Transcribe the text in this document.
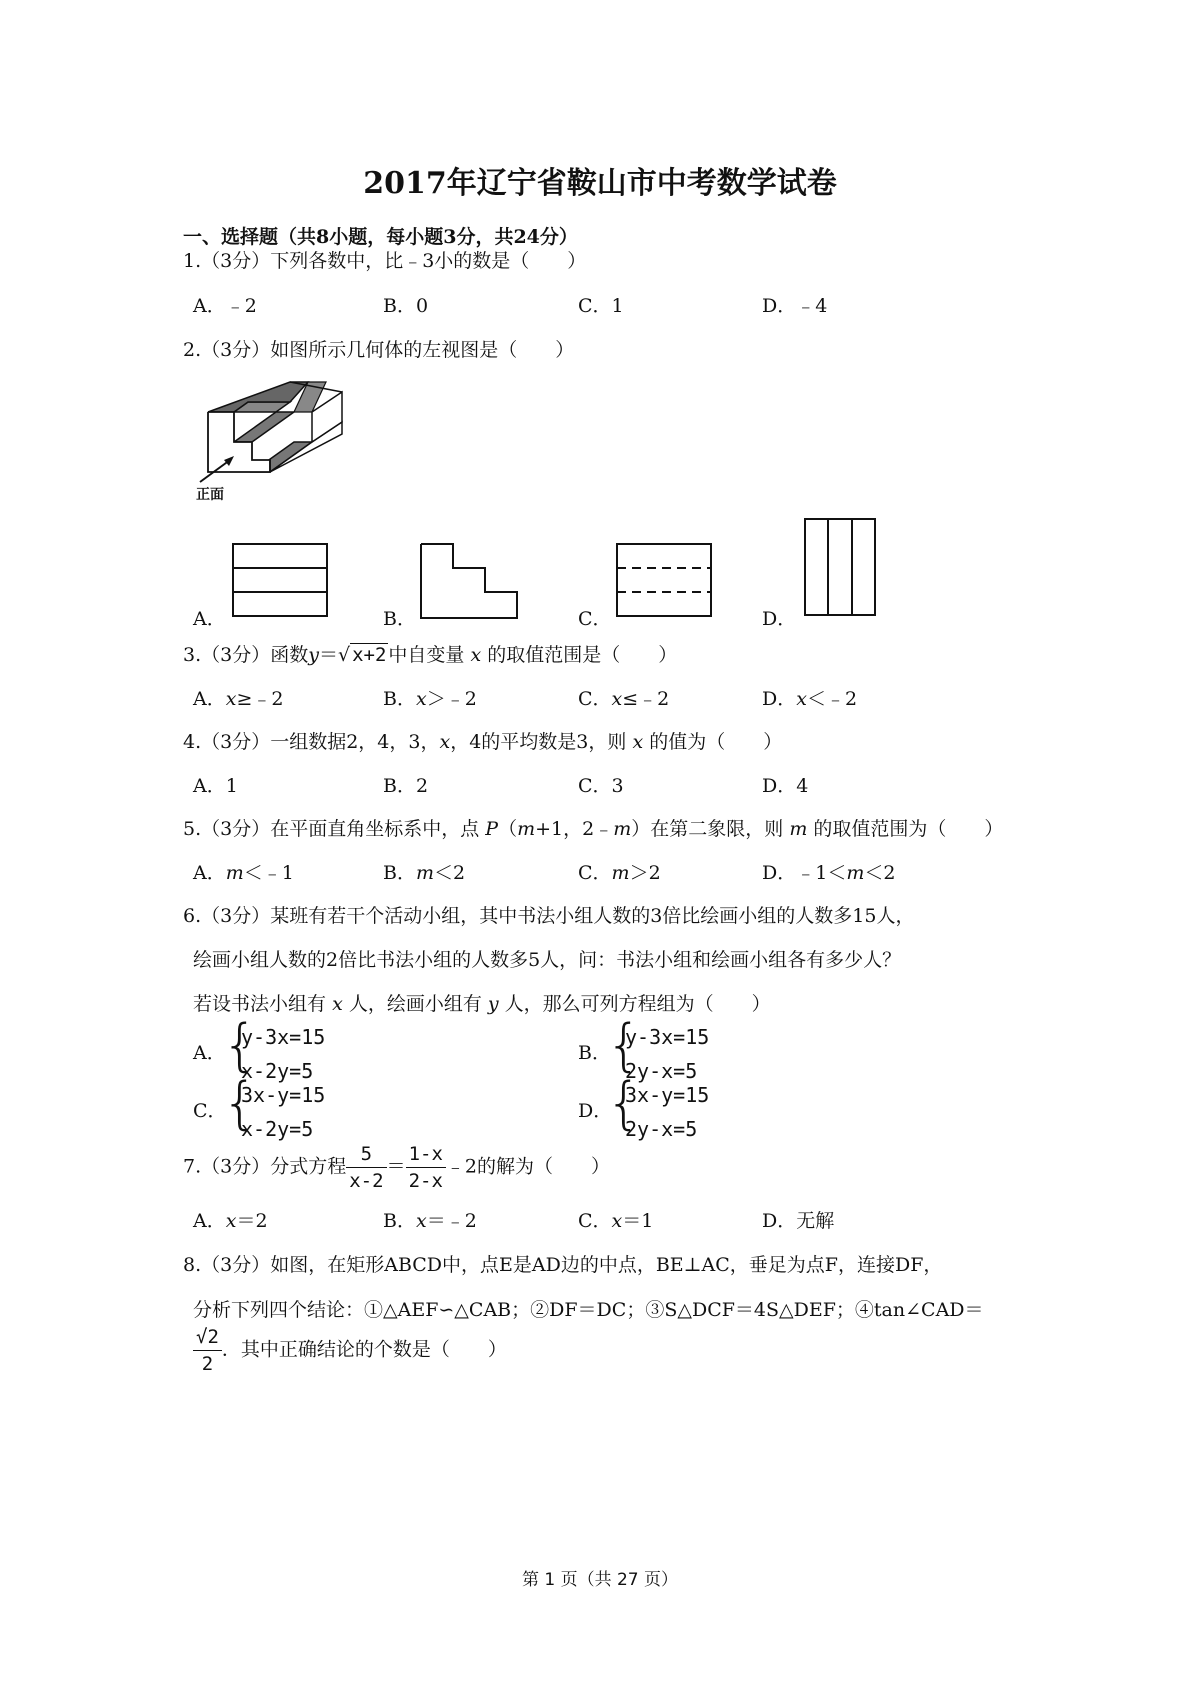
2017年辽宁省鞍山市中考数学试卷
一、选择题（共8小题，每小题3分，共24分）
1.（3分）下列各数中，比﹣3小的数是（　　）
A．﹣2	B．0	C．1	D．﹣4
2.（3分）如图所示几何体的左视图是（　　）
正面
A．	B．	C．	D．
3.（3分）函数y＝√ x+2 中自变量 x 的取值范围是（　　）
A．x≥﹣2	B．x＞﹣2	C．x≤﹣2	D．x＜﹣2
4.（3分）一组数据2，4，3，x，4的平均数是3，则 x 的值为（　　）
A．1	B．2	C．3	D．4
5.（3分）在平面直角坐标系中，点 P（m+1，2﹣m）在第二象限，则 m 的取值范围为（　　）
A．m＜﹣1	B．m＜2	C．m＞2	D．﹣1＜m＜2
6.（3分）某班有若干个活动小组，其中书法小组人数的3倍比绘画小组的人数多15人，
绘画小组人数的2倍比书法小组的人数多5人，问：书法小组和绘画小组各有多少人？
若设书法小组有 x 人，绘画小组有 y 人，那么可列方程组为（　　）
A．
{
y-3x=15
x-2y=5
B．
{
y-3x=15
2y-x=5
C．
{
3x-y=15
x-2y=5
D．
{
3x-y=15
2y-x=5
7.（3分）分式方程 $\frac{5}{x-2} = \frac{1-x}{2-x}$ ﹣2的解为（　　）
A．x＝2	B．x＝﹣2	C．x＝1	D．无解
8.（3分）如图，在矩形ABCD中，点E是AD边的中点，BE⊥AC，垂足为点F，连接DF，
分析下列四个结论：①△AEF∽△CAB；②DF＝DC；③S△DCF＝4S△DEF；④tan∠CAD＝
$\frac{√2}{2}$ ．其中正确结论的个数是（　　）
第 1 页（共 27 页）
